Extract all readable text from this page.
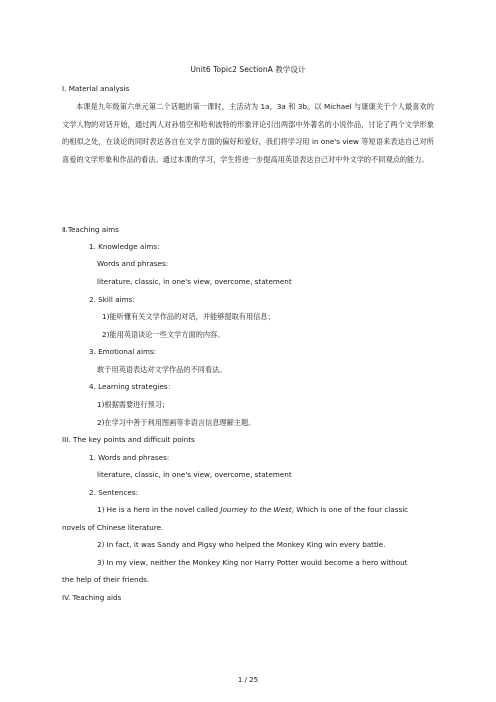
Unit6 Topic2 SectionA 教学设计
Ⅰ. Material analysis
本课是九年级第六单元第二个话题的第一课时，主活动为 1a，3a 和 3b。以 Michael 与康康关于个人最喜欢的文学人物的对话开始，通过两人对孙悟空和哈利波特的形象评论引出两部中外著名的小说作品，讨论了两个文学形象的相似之处，在谈论的同时表达各自在文学方面的偏好和爱好，我们将学习用 in one's view 等短语来表达自己对所喜爱的文学形象和作品的看法。通过本课的学习，学生将进一步提高用英语表达自己对中外文学的不同观点的能力。
Ⅱ.Teaching aims
1. Knowledge aims：
Words and phrases:
literature, classic, in one's view, overcome, statement
2. Skill aims:
1)能听懂有关文学作品的对话，并能够提取有用信息；
2)能用英语谈论一些文学方面的内容。
3. Emotional aims:
敢于用英语表达对文学作品的不同看法。
4. Learning strategies：
1)根据需要进行预习；
2)在学习中善于利用图画等非语言信息理解主题。
III. The key points and difficult points
1. Words and phrases:
literature, classic, in one's view, overcome, statement
2. Sentences:
1) He is a hero in the novel called Journey to the West, Which is one of the four classic
novels of Chinese literature.
2) In fact, it was Sandy and Pigsy who helped the Monkey King win every battle.
3) In my view, neither the Monkey King nor Harry Potter would become a hero without
the help of their friends.
IV. Teaching aids
1 / 25
